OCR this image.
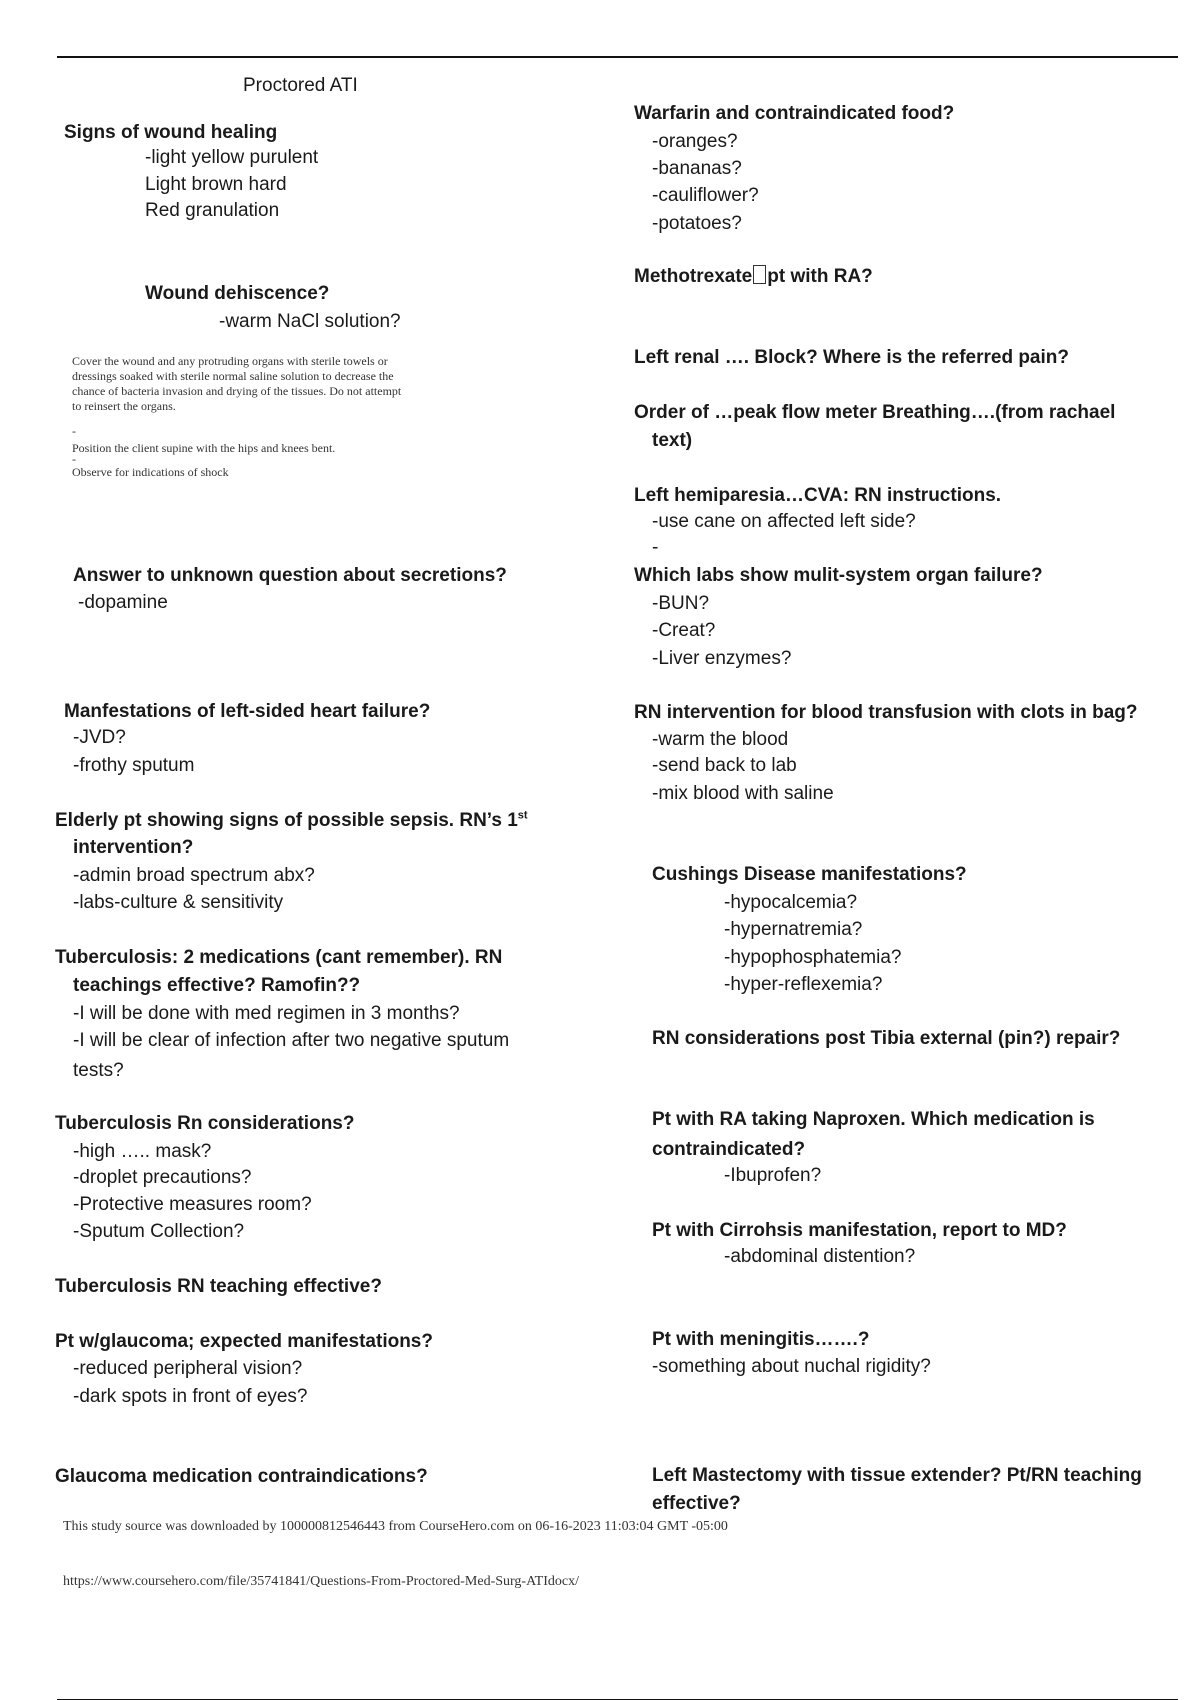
Proctored ATI
Signs of wound healing
-light yellow purulent
Light brown hard
Red granulation
Wound dehiscence?
-warm NaCl solution?
Cover the wound and any protruding organs with sterile towels or dressings soaked with sterile normal saline solution to decrease the chance of bacteria invasion and drying of the tissues. Do not attempt to reinsert the organs.
-
Position the client supine with the hips and knees bent.
-
Observe for indications of shock
Answer to unknown question about secretions?
-dopamine
Manfestations of left-sided heart failure?
-JVD?
-frothy sputum
Elderly pt showing signs of possible sepsis. RN’s 1st
intervention?
-admin broad spectrum abx?
-labs-culture & sensitivity
Tuberculosis: 2 medications (cant remember). RN
teachings effective? Ramofin??
-I will be done with med regimen in 3 months?
-I will be clear of infection after two negative sputum
tests?
Tuberculosis Rn considerations?
-high ….. mask?
-droplet precautions?
-Protective measures room?
-Sputum Collection?
Tuberculosis RN teaching effective?
Pt w/glaucoma; expected manifestations?
-reduced peripheral vision?
-dark spots in front of eyes?
Glaucoma medication contraindications?
Warfarin and contraindicated food?
-oranges?
-bananas?
-cauliflower?
-potatoes?
Methotrexate pt with RA?
Left renal …. Block? Where is the referred pain?
Order of …peak flow meter Breathing….(from rachael
text)
Left hemiparesia…CVA: RN instructions.
-use cane on affected left side?
-
Which labs show mulit-system organ failure?
-BUN?
-Creat?
-Liver enzymes?
RN intervention for blood transfusion with clots in bag?
-warm the blood
-send back to lab
-mix blood with saline
Cushings Disease manifestations?
-hypocalcemia?
-hypernatremia?
-hypophosphatemia?
-hyper-reflexemia?
RN considerations post Tibia external (pin?) repair?
Pt with RA taking Naproxen. Which medication is
contraindicated?
-Ibuprofen?
Pt with Cirrohsis manifestation, report to MD?
-abdominal distention?
Pt with meningitis…….?
-something about nuchal rigidity?
Left Mastectomy with tissue extender? Pt/RN teaching
effective?
This study source was downloaded by 100000812546443 from CourseHero.com on 06-16-2023 11:03:04 GMT -05:00
https://www.coursehero.com/file/35741841/Questions-From-Proctored-Med-Surg-ATIdocx/
